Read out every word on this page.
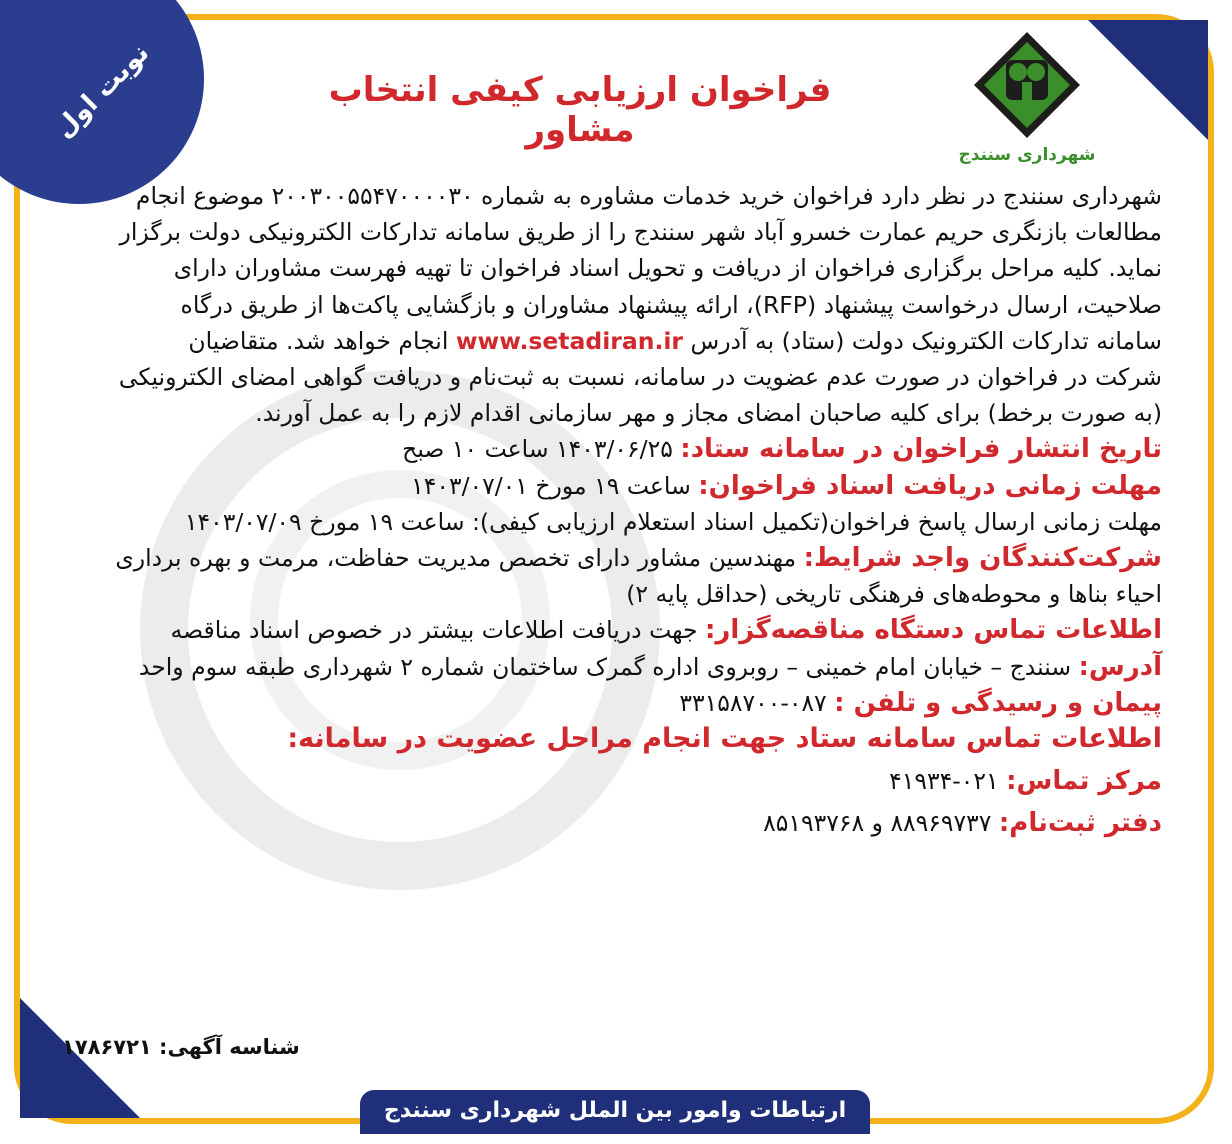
نوبت اول
شهرداری سنندج
فراخوان ارزیابی کیفی انتخاب مشاور

شهرداری سنندج در نظر دارد فراخوان خرید خدمات مشاوره به شماره ۲۰۰۳۰۰۵۵۴۷۰۰۰۰۳۰ موضوع انجام

مطالعات بازنگری حریم عمارت خسرو آباد شهر سنندج را از طریق سامانه تدارکات الکترونیکی دولت برگزار

نماید. کلیه مراحل برگزاری فراخوان از دریافت و تحویل اسناد فراخوان تا تهیه فهرست مشاوران دارای

صلاحیت، ارسال درخواست پیشنهاد (RFP)، ارائه پیشنهاد مشاوران و بازگشایی پاکت‌ها از طریق درگاه

سامانه تدارکات الکترونیک دولت (ستاد) به آدرس www.setadiran.ir انجام خواهد شد. متقاضیان

شرکت در فراخوان در صورت عدم عضویت در سامانه، نسبت به ثبت‌نام و دریافت گواهی امضای الکترونیکی

(به صورت برخط) برای کلیه صاحبان امضای مجاز و مهر سازمانی اقدام لازم را به عمل آورند.

تاریخ انتشار فراخوان در سامانه ستاد: ۱۴۰۳/۰۶/۲۵ ساعت ۱۰ صبح

مهلت زمانی دریافت اسناد فراخوان: ساعت ۱۹ مورخ ۱۴۰۳/۰۷/۰۱

مهلت زمانی ارسال پاسخ فراخوان(تکمیل اسناد استعلام ارزیابی کیفی): ساعت ۱۹ مورخ ۱۴۰۳/۰۷/۰۹

شرکت‌کنندگان واجد شرایط: مهندسین مشاور دارای تخصص مدیریت حفاظت، مرمت و بهره برداری

احیاء بناها و محوطه‌های فرهنگی تاریخی (حداقل پایه ۲)

اطلاعات تماس دستگاه مناقصه‌گزار: جهت دریافت اطلاعات بیشتر در خصوص اسناد مناقصه

آدرس: سنندج – خیابان امام خمینی – روبروی اداره گمرک ساختمان شماره ۲ شهرداری طبقه سوم واحد

پیمان و رسیدگی و تلفن : ۰۸۷-۳۳۱۵۸۷۰۰

اطلاعات تماس سامانه ستاد جهت انجام مراحل عضویت در سامانه:

مرکز تماس: ۰۲۱-۴۱۹۳۴

دفتر ثبت‌نام: ۸۸۹۶۹۷۳۷ و ۸۵۱۹۳۷۶۸

شناسه آگهی: ۱۷۸۶۷۲۱
ارتباطات وامور بین الملل شهرداری سنندج
